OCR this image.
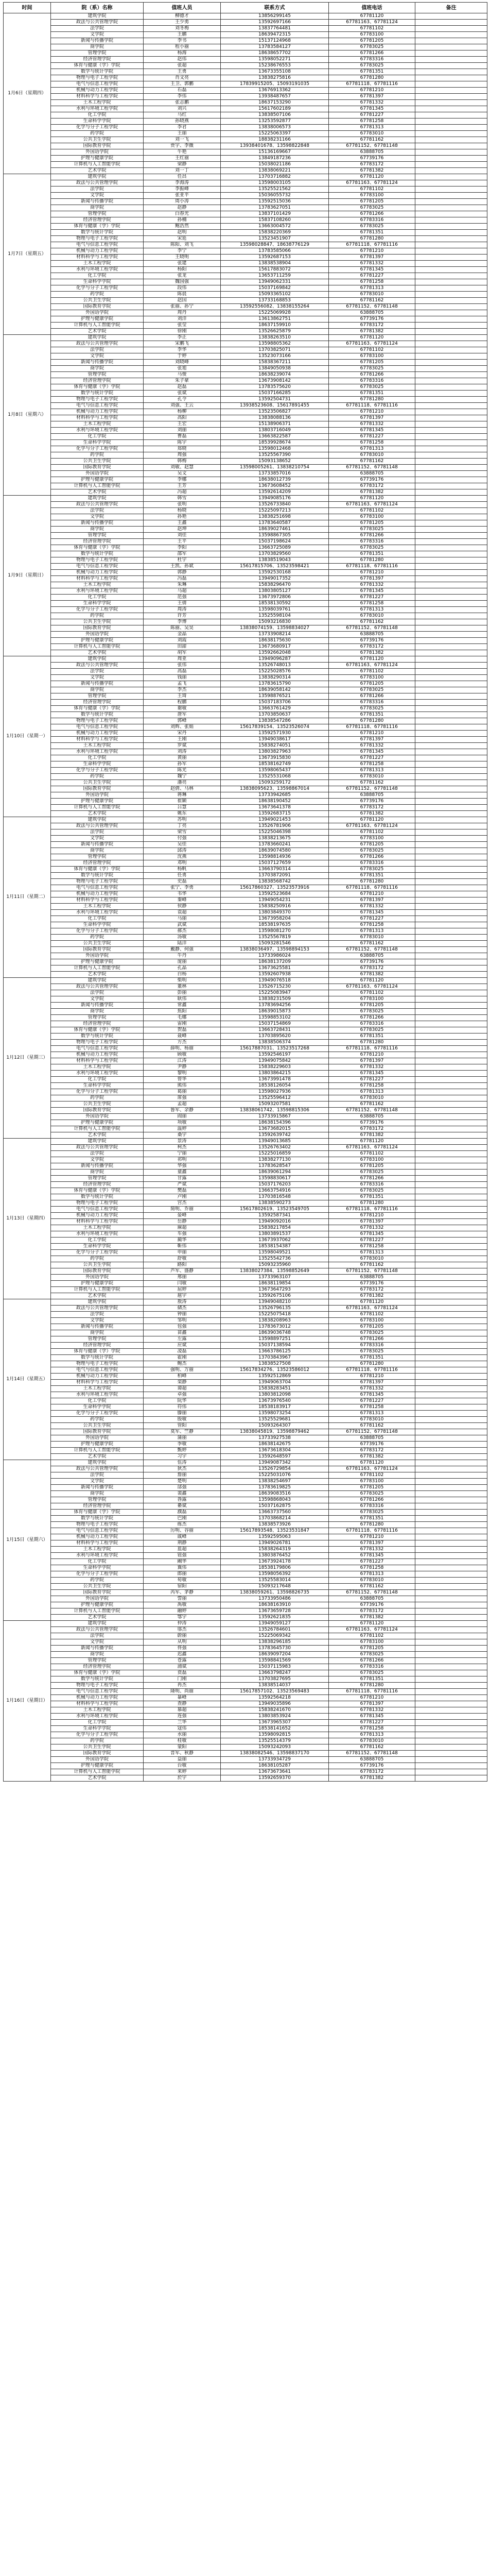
时间	院（系）名称	值班人员	联系方式	值班电话	备注
1月6日（星期四）	建筑学院	柳德才	13856299145	67781120	
	政法与公共管理学院	王少勇	13592697166	67781163、67781124	
	法学院	刘冬梅	13837764481	67781102	
	文学院	王鹏	18639472315	67783100	
	新闻与传播学院	李书	15137124968	67781205	
	商学院	程小丽	13783584127	67783025	
	管理学院	杨海	18638657702	67781266	
	经济管理学院	赵伟	13598052271	67783316	
	体育与健康（学）学院	张超	15238676553	67783025	
	数学与统计学院	王勇	13673355108	67781351	
	物理与电子工程学院	肖文亮	13838275816	67781280	
	电气与信息工程学院	王卫、郭鹏	17839915205、15093191035	67781118、67781116	
	机械与动力工程学院	石磊	13676913362	67781210	
	材料科学与工程学院	李伟	13938487657	67781397	
	土木工程学院	张志鹏	18637153290	67781332	
	水利与环境工程学院	刘兴	15617602189	67781345	
	化工学院	马红	13838507106	67781227	
	生命科学学院	孙晓燕	13253592877	67781258	
	化学与分子工程学院	李君	13838006573	67781313	
	药学院	王丽	15225063397	67783010	
	公共卫生学院	刘一飞	18838231166	67781162	
	国际教育学院	贾宇、李薇	13938401678、13598822848	67781152、67781148	
	外国语学院	牛艳	15136169667	63888705	
	护理与健康学院	王红丽	13849187236	67739176	
	计算机与人工智能学院	梁静	15038021186	67783172	
	艺术学院	刘一丁	13838069221	67781382	
1月7日（星期五）	建筑学院	任昌	13703716882	67781120	
	政法与公共管理学院	李海涛	13598003105	67781163、67781124	
	法学院	李振峰	13525521562	67781102	
	文学院	张亚平	15036055732	67783100	
	新闻与传播学院	周小涛	13592515036	67781205	
	商学院	赵静	13783627051	67783025	
	管理学院	白春光	13837101429	67781266	
	经济管理学院	孙楠	15837108260	67783316	
	体育与健康（学）学院	鲍浩然	13663004572	67783025	
	数学与统计学院	赵明	15838220369	67781351	
	物理与电子工程学院	宋延	13523451907	67781280	
	电气与信息工程学院	陈阳、刘飞	13598028847、18638776129	67781118、67781116	
	机械与动力工程学院	李宁	13783585066	67781210	
	材料科学与工程学院	王晓明	13592687153	67781397	
	土木工程学院	张建	13838538904	67781332	
	水利与环境工程学院	杨阳	15617883072	67781345	
	化工学院	张龙	13653711259	67781227	
	生命科学学院	魏国强	13949062331	67781258	
	化学与分子工程学院	段伟	15037169842	67781313	
	药学院	陈晨	15093365102	67783010	
	公共卫生学院	赵国	13733168853	67781162	
	国际教育学院	张丽、孙宁	13592556082、13838155264	67781152、67781148	
	外国语学院	周丹	15225069928	63888705	
	护理与健康学院	刘洋	13613862751	67739176	
	计算机与人工智能学院	张莹	18637159910	67783172	
	艺术学院	徐刚	13526625879	67781382	
1月8日（星期六）	建筑学院	李正	13838263510	67781120	
	政法与公共管理学院	宋鹏飞	13598805362	67781163、67781124	
	法学院	李华	13703825071	67781102	
	文学院	于婷	13523073166	67783100	
	新闻与传播学院	刘晓峰	15838367211	67781205	
	商学院	张旭	13849050938	67783025	
	管理学院	马俊	18638239074	67781266	
	经济管理学院	朱子豪	13673908142	67783316	
	体育与健康（学）学院	赵磊	13783575620	67783025	
	数学与统计学院	张斌	15037166285	67781351	
	物理与电子工程学院	孔令	13592504731	67781280	
	电气与信息工程学院	刘强、王云	13938523608、15617891455	67781118、67781116	
	机械与动力工程学院	杨柳	13523506827	67781210	
	材料科学与工程学院	高阳	13838088136	67781397	
	土木工程学院	王宏	15138906371	67781332	
	水利与环境工程学院	刘丽	13803716049	67781345	
	化工学院	曹磊	13663822587	67781227	
	生命科学学院	陈宇	18539928674	67781258	
	化学与分子工程学院	郑晓	13598012468	67781313	
	药学院	周强	13525567390	67783010	
	公共卫生学院	韩梅	15093138652	67781162	
	国际教育学院	刘敏、赵慧	13598005261、13838210754	67781152、67781148	
	外国语学院	吴文	13733857016	63888705	
	护理与健康学院	李娜	18638012739	67739176	
	计算机与人工智能学院	王芳	13673608452	67783172	
	艺术学院	冯超	13592614209	67781382	
1月9日（星期日）	建筑学院	韩雪	13949085176	67781120	
	政法与公共管理学院	张明	13526733840	67781163、67781124	
	法学院	杨晓	15225097213	67781102	
	文学院	孙艳	13838251698	67783100	
	新闻与传播学院	王鑫	13783640587	67781205	
	商学院	赵坤	18639027461	67783025	
	管理学院	刘佳	13598867305	67781266	
	经济管理学院	王平	15037198624	67783316	
	体育与健康（学）学院	李阳	13663725089	67783025	
	数学与统计学院	邵军	13703829560	67781351	
	物理与电子工程学院	杜宇	13838519043	67781280	
	电气与信息工程学院	王凯、孙斌	15617815706、13523598421	67781118、67781116	
	机械与动力工程学院	郭静	13592530168	67781210	
	材料科学与工程学院	冯磊	13949017352	67781397	
	土木工程学院	朱琳	15838296470	67781332	
	水利与环境工程学院	马超	13803805127	67781345	
	化工学院	范强	13673972806	67781227	
	生命科学学院	王倩	18538130592	67781258	
	化学与分子工程学院	周涛	13598039761	67781313	
	药学院	许芳	13525598104	67783010	
	公共卫生学院	李博	15093216830	67781162	
	国际教育学院	陈丽、吴昊	13838074159、13598834027	67781152、67781148	
	外国语学院	金晶	13733908214	63888705	
	护理与健康学院	刘霞	18638175630	67739176	
	计算机与人工智能学院	田甜	13673680917	67783172	
	艺术学院	胡军	13592662048	67781382	
1月10日（星期一）	建筑学院	周亚	13949096287	67781120	
	政法与公共管理学院	张伟	13526748013	67781163、67781124	
	法学院	高磊	15225028576	67781102	
	文学院	钱丽	13838290314	67783100	
	新闻与传播学院	孟飞	13783615790	67781205	
	商学院	李杰	18639058142	67783025	
	管理学院	王琦	13598876521	67781266	
	经济管理学院	程鹏	15037183706	67783316	
	体育与健康（学）学院	谢敏	13663761429	67783025	
	数学与统计学院	唐军	13703850637	67781351	
	物理与电子工程学院	郭峰	13838547286	67781280	
	电气与信息工程学院	刘辉、张娟	15617839154、13523526074	67781118、67781116	
	机械与动力工程学院	宋丹	13592571930	67781210	
	材料科学与工程学院	王刚	13949038617	67781397	
	土木工程学院	罗斌	15838274051	67781332	
	水利与环境工程学院	刘涛	13803827963	67781345	
	化工学院	黄丽	13673915830	67781227	
	生命科学学院	孙军	18538162749	67781258	
	化学与分子工程学院	陈光	13598065437	67781313	
	药学院	魏宁	13525531068	67783010	
	公共卫生学院	潘亮	15093259172	67781162	
	国际教育学院	赵倩、马林	13838095623、13598867014	67781152、67781148	
	外国语学院	蒋琳	13733942685	63888705	
	护理与健康学院	崔颖	18638190452	67739176	
	计算机与人工智能学院	吕慧	13673641378	67783172	
	艺术学院	姚东	13592683715	67781382	
1月11日（星期二）	建筑学院	苏明	13949021453	67781120	
	政法与公共管理学院	丁亮	13526781906	67781163、67781124	
	法学院	梁雪	15225046398	67781102	
	文学院	付强	13838213675	67783100	
	新闻与传播学院	吴佳	13783660241	67781205	
	商学院	邱涛	18639074580	67783025	
	管理学院	沈燕	13598814936	67781266	
	经济管理学院	邓明	15037127659	67783316	
	体育与健康（学）学院	杨帆	13663790314	67783025	
	数学与统计学院	任勇	13703872091	67781351	
	物理与电子工程学院	史磊	13838568742	67781280	
	电气与信息工程学院	张宁、李勇	15617860327、13523573916	67781118、67781116	
	机械与动力工程学院	韦华	13592523684	67781210	
	材料科学与工程学院	秦峰	13949054231	67781397	
	土木工程学院	侯静	15838250916	67781332	
	水利与环境工程学院	袁超	13803849370	67781345	
	化工学院	马丽	13673958204	67781227	
	生命科学学院	武斌	18538197635	67781258	
	化学与分子工程学院	郝杰	13598081270	67781313	
	药学院	汤敏	13525567819	67783010	
	公共卫生学院	陆洋	15093281546	67781162	
	国际教育学院	戴静、何强	13838036497、13598894153	67781152、67781148	
	外国语学院	牛丹	13733986024	63888705	
	护理与健康学院	庞丽	18638137209	67739176	
	计算机与人工智能学院	孔晶	13673625581	67783172	
	艺术学院	白杨	13592607938	67781382	
1月12日（星期三）	建筑学院	柴明	13949076518	67781120	
	政法与公共管理学院	董林	13526715230	67781163、67781124	
	法学院	彭丽	15225083947	67781102	
	文学院	耿伟	13838231509	67783100	
	新闻与传播学院	常鑫	13783694256	67781205	
	商学院	焦阳	18639015873	67783025	
	管理学院	毛娜	13598853102	67781266	
	经济管理学院	雷刚	15037154869	67783316	
	体育与健康（学）学院	贺磊	13663728431	67783025	
	数学与统计学院	聂峰	13703895620	67781351	
	物理与电子工程学院	方杰	13838506374	67781280	
	电气与信息工程学院	薛明、杨丽	15617887031、13523517268	67781118、67781116	
	机械与动力工程学院	顾敏	13592546197	67781210	
	材料科学与工程学院	江涛	13949075842	67781397	
	土木工程学院	尹静	15838229603	67781332	
	水利与环境工程学院	黎明	13803864215	67781345	
	化工学院	曾华	13673991478	67781227	
	生命科学学院	熊伟	18538126054	67781258	
	化学与分子工程学院	葛丽	13598027936	67781313	
	药学院	席强	13525596412	67783010	
	公共卫生学院	孟超	15093207581	67781162	
	国际教育学院	鲁军、余静	13838061742、13598815306	67781152、67781148	
	外国语学院	阎丽	13733915867	63888705	
	护理与健康学院	项敏	18638154396	67739176	
	计算机与人工智能学院	温婷	13673682015	67783172	
	艺术学院	桑宇	13592639742	67781382	
1月13日（星期四）	建筑学院	景涛	13949013685	67781120	
	政法与公共管理学院	柯杰	13526763402	67781163、67781124	
	法学院	宁丽	15225016859	67781102	
	文学院	祁明	13838277130	67783100	
	新闻与传播学院	华强	13783628547	67781205	
	商学院	童鑫	18639061294	67783025	
	管理学院	甘露	13598830617	67781266	
	经济管理学院	严斌	15037176203	67783316	
	体育与健康（学）学院	樊磊	13663754916	67783025	
	数学与统计学院	卢刚	13703816548	67781351	
	物理与电子工程学院	宫杰	13838590273	67781280	
	电气与信息工程学院	简明、乔丽	15617802619、13523549705	67781118、67781116	
	机械与动力工程学院	晏峰	13592587341	67781210	
	材料科学与工程学院	岳静	13949092016	67781397	
	土木工程学院	麻超	15838217854	67781332	
	水利与环境工程学院	车强	13803891537	67781345	
	化工学院	蔺华	13673937062	67781227	
	生命科学学院	靳伟	18538154387	67781258	
	化学与分子工程学院	申丽	13598049521	67781313	
	药学院	舒敏	13525542736	67783010	
	公共卫生学院	路阳	15093235960	67781162	
	国际教育学院	芦军、盛静	13838027384、13598852649	67781152、67781148	
	外国语学院	邢丽	13733963107	63888705	
	护理与健康学院	闫敏	18638119854	67739176	
	计算机与人工智能学院	屈婷	13673647293	67783172	
	艺术学院	扈宇	13592675106	67781382	
1月14日（星期五）	建筑学院	敖涛	13949048210	67781120	
	政法与公共管理学院	储杰	13526796135	67781163、67781124	
	法学院	钟丽	15225075418	67781102	
	文学院	邹明	13838208963	67783100	
	新闻与传播学院	包强	13783673012	67781205	
	商学院	苗鑫	18639036748	67783025	
	管理学院	左露	13598897251	67781266	
	经济管理学院	应斌	15037138594	67783316	
	体育与健康（学）学院	凌磊	13663786125	67783025	
	数学与统计学院	霍刚	13703843967	67781351	
	物理与电子工程学院	鲍杰	13838527508	67781280	
	电气与信息工程学院	强明、万丽	15617834276、13523586012	67781118、67781116	
	机械与动力工程学院	柏峰	13592512869	67781210	
	材料科学与工程学院	栾静	13949063704	67781397	
	土木工程学院	谭超	15838283451	67781332	
	水利与环境工程学院	卓强	13803812098	67781345	
	化工学院	阮华	13673976540	67781227	
	生命科学学院	符伟	18538183917	67781258	
	化学与分子工程学院	滕丽	13598073254	67781313	
	药学院	殷敏	13525529681	67783010	
	公共卫生学院	管阳	15093264307	67781162	
	国际教育学院	莫军、竺静	13838045819、13598879462	67781152、67781148	
	外国语学院	蒲丽	13733927538	63888705	
	护理与健康学院	季敏	18638142675	67739176	
	计算机与人工智能学院	甄婷	13673618304	67783172	
	艺术学院	习宇	13592648597	67781382	
1月15日（星期六）	建筑学院	伍涛	13949087342	67781120	
	政法与公共管理学院	狄杰	13526729854	67781163、67781124	
	法学院	詹丽	15225031076	67781102	
	文学院	楚明	13838254697	67783100	
	新闻与传播学院	邰强	13783619825	67781205	
	商学院	裴鑫	18639083516	67783025	
	管理学院	昝露	13598868043	67781266	
	经济管理学院	綦斌	15037162875	67783316	
	体育与健康（学）学院	濮磊	13663737560	67783025	
	数学与统计学院	巴刚	13703868214	67781351	
	物理与电子工程学院	练杰	13838573926	67781280	
	电气与信息工程学院	厉明、谷丽	15617893548、13523531847	67781118、67781116	
	机械与动力工程学院	戚峰	13592595063	67781210	
	材料科学与工程学院	荆静	13949026781	67781397	
	土木工程学院	蓝超	15838264319	67781332	
	水利与环境工程学院	钮强	13803876452	67781345	
	化工学院	阚华	13673924178	67781227	
	生命科学学院	冀伟	18538179806	67781258	
	化学与分子工程学院	郎丽	13598056392	67781313	
	药学院	荀敏	13525583014	67783010	
	公共卫生学院	宿阳	15093217648	67781162	
	国际教育学院	芮军、茅静	13838059261、13598826735	67781152、67781148	
	外国语学院	訾丽	13733950486	63888705	
	护理与健康学院	禹敏	18638163910	67739176	
	计算机与人工智能学院	融婷	13673659728	67783172	
	艺术学院	鄂宇	13592621835	67781382	
1月16日（星期日）	建筑学院	仲涛	13949059127	67781120	
	政法与公共管理学院	邬杰	13526784601	67781163、67781124	
	法学院	蔚丽	15225069342	67781102	
	文学院	从明	13838296185	67783100	
	新闻与传播学院	佟强	13783645730	67781205	
	商学院	迟鑫	18639097204	67783025	
	管理学院	苍露	13598841569	67781266	
	经济管理学院	浦斌	15037115983	67783316	
	体育与健康（学）学院	贲磊	13663798247	67783025	
	数学与统计学院	门刚	13703827695	67781351	
	物理与电子工程学院	冉杰	13838514037	67781280	
	电气与信息工程学院	隆明、尚丽	15617857102、13523569483	67781118、67781116	
	机械与动力工程学院	暴峰	13592564218	67781210	
	材料科学与工程学院	查静	13949035896	67781397	
	土木工程学院	慕超	15838241670	67781332	
	水利与环境工程学院	连强	13803853924	67781345	
	化工学院	兰华	13673965307	67781227	
	生命科学学院	寇伟	18538141652	67781258	
	化学与分子工程学院	水丽	13598092815	67781313	
	药学院	桂敏	13525514379	67783010	
	公共卫生学院	蒙阳	15093242093	67781162	
	国际教育学院	晋军、秋静	13838082546、13598837170	67781152、67781148	
	外国语学院	益丽	13733934729	63888705	
	护理与健康学院	台敏	18638105287	67739176	
	计算机与人工智能学院	来婷	13673673641	67783172	
	艺术学院	於宇	13592659370	67781382	
